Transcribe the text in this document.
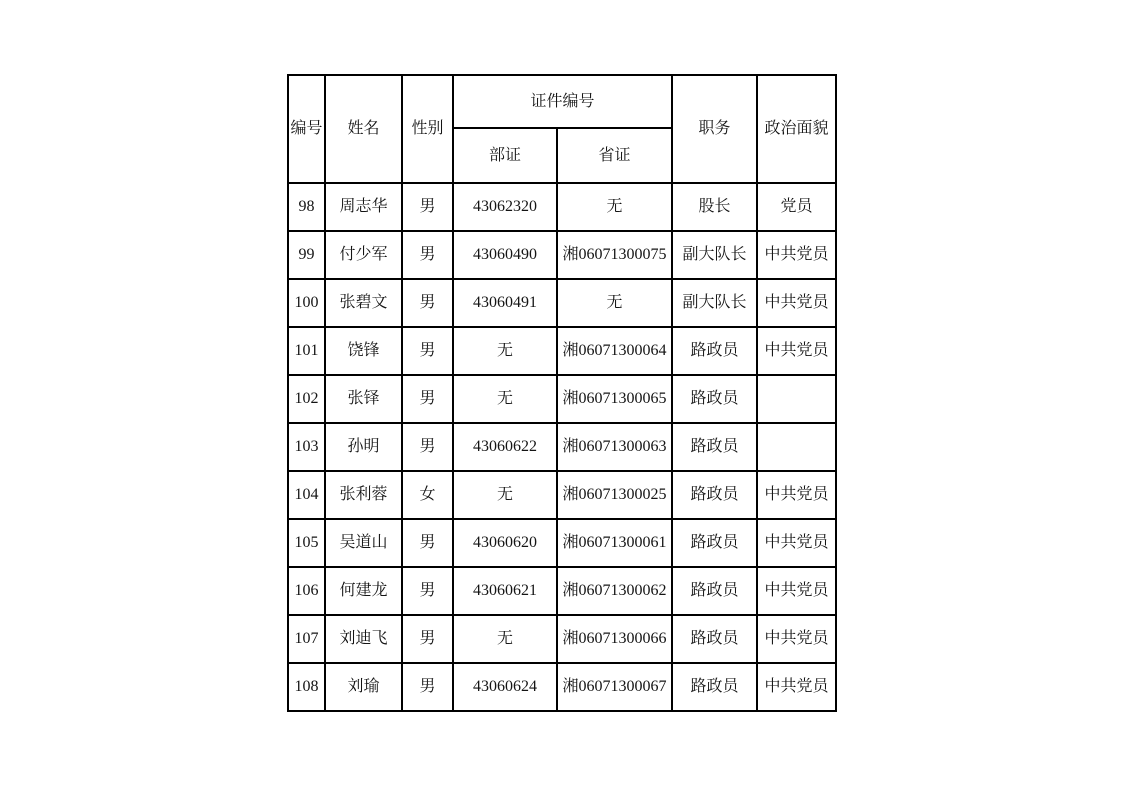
编号	姓名	性别	证件编号		职务	政治面貌
			部证	省证		
98	周志华	男	43062320	无	股长	党员
99	付少军	男	43060490	湘06071300075	副大队长	中共党员
100	张碧文	男	43060491	无	副大队长	中共党员
101	饶锋	男	无	湘06071300064	路政员	中共党员
102	张铎	男	无	湘06071300065	路政员	
103	孙明	男	43060622	湘06071300063	路政员	
104	张利蓉	女	无	湘06071300025	路政员	中共党员
105	吴道山	男	43060620	湘06071300061	路政员	中共党员
106	何建龙	男	43060621	湘06071300062	路政员	中共党员
107	刘迪飞	男	无	湘06071300066	路政员	中共党员
108	刘瑜	男	43060624	湘06071300067	路政员	中共党员
